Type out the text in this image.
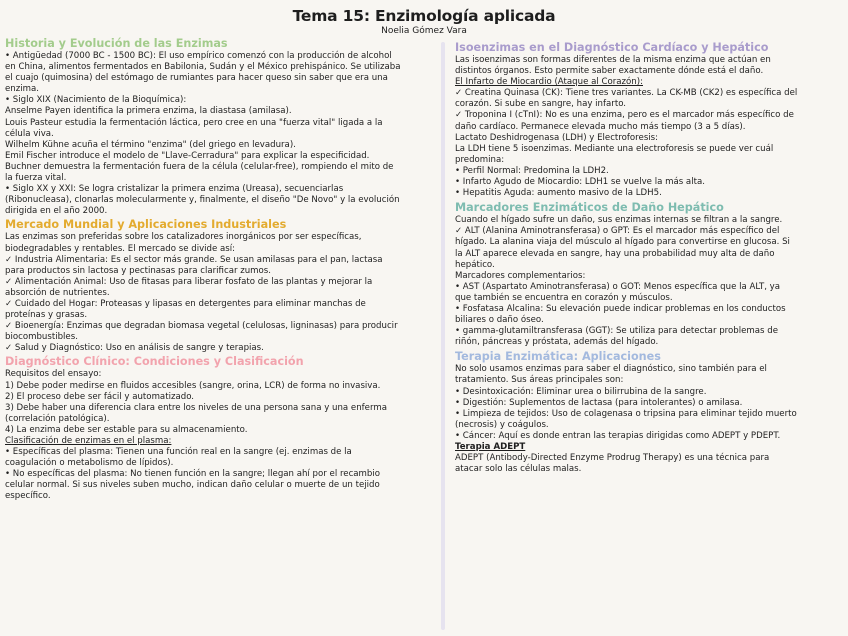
Tema 15: Enzimología aplicada
Noelia Gómez Vara
Historia y Evolución de las Enzimas

• Antigüedad (7000 BC - 1500 BC): El uso empírico comenzó con la producción de alcohol

en China, alimentos fermentados en Babilonia, Sudán y el México prehispánico. Se utilizaba

el cuajo (quimosina) del estómago de rumiantes para hacer queso sin saber que era una

enzima.

• Siglo XIX (Nacimiento de la Bioquímica):

Anselme Payen identifica la primera enzima, la diastasa (amilasa).

Louis Pasteur estudia la fermentación láctica, pero cree en una "fuerza vital" ligada a la

célula viva.

Wilhelm Kühne acuña el término "enzima" (del griego en levadura).

Emil Fischer introduce el modelo de "Llave-Cerradura" para explicar la especificidad.

Buchner demuestra la fermentación fuera de la célula (celular-free), rompiendo el mito de

la fuerza vital.

• Siglo XX y XXI: Se logra cristalizar la primera enzima (Ureasa), secuenciarlas

(Ribonucleasa), clonarlas molecularmente y, finalmente, el diseño "De Novo" y la evolución

dirigida en el año 2000.

Mercado Mundial y Aplicaciones Industriales

Las enzimas son preferidas sobre los catalizadores inorgánicos por ser específicas,

biodegradables y rentables. El mercado se divide así:

✓ Industria Alimentaria: Es el sector más grande. Se usan amilasas para el pan, lactasa

para productos sin lactosa y pectinasas para clarificar zumos.

✓ Alimentación Animal: Uso de fitasas para liberar fosfato de las plantas y mejorar la

absorción de nutrientes.

✓ Cuidado del Hogar: Proteasas y lipasas en detergentes para eliminar manchas de

proteínas y grasas.

✓ Bioenergía: Enzimas que degradan biomasa vegetal (celulosas, ligninasas) para producir

biocombustibles.

✓ Salud y Diagnóstico: Uso en análisis de sangre y terapias.

Diagnóstico Clínico: Condiciones y Clasificación

Requisitos del ensayo:

1) Debe poder medirse en fluidos accesibles (sangre, orina, LCR) de forma no invasiva.

2) El proceso debe ser fácil y automatizado.

3) Debe haber una diferencia clara entre los niveles de una persona sana y una enferma

(correlación patológica).

4) La enzima debe ser estable para su almacenamiento.

Clasificación de enzimas en el plasma:

• Específicas del plasma: Tienen una función real en la sangre (ej. enzimas de la

coagulación o metabolismo de lípidos).

• No específicas del plasma: No tienen función en la sangre; llegan ahí por el recambio

celular normal. Si sus niveles suben mucho, indican daño celular o muerte de un tejido

específico.

Isoenzimas en el Diagnóstico Cardíaco y Hepático

Las isoenzimas son formas diferentes de la misma enzima que actúan en

distintos órganos. Esto permite saber exactamente dónde está el daño.

El Infarto de Miocardio (Ataque al Corazón):

✓ Creatina Quinasa (CK): Tiene tres variantes. La CK-MB (CK2) es específica del

corazón. Si sube en sangre, hay infarto.

✓ Troponina I (cTnI): No es una enzima, pero es el marcador más específico de

daño cardíaco. Permanece elevada mucho más tiempo (3 a 5 días).

Lactato Deshidrogenasa (LDH) y Electroforesis:

La LDH tiene 5 isoenzimas. Mediante una electroforesis se puede ver cuál

predomina:

• Perfil Normal: Predomina la LDH2.

• Infarto Agudo de Miocardio: LDH1 se vuelve la más alta.

• Hepatitis Aguda: aumento masivo de la LDH5.

Marcadores Enzimáticos de Daño Hepático

Cuando el hígado sufre un daño, sus enzimas internas se filtran a la sangre.

✓ ALT (Alanina Aminotransferasa) o GPT: Es el marcador más específico del

hígado. La alanina viaja del músculo al hígado para convertirse en glucosa. Si

la ALT aparece elevada en sangre, hay una probabilidad muy alta de daño

hepático.

Marcadores complementarios:

• AST (Aspartato Aminotransferasa) o GOT: Menos específica que la ALT, ya

que también se encuentra en corazón y músculos.

• Fosfatasa Alcalina: Su elevación puede indicar problemas en los conductos

biliares o daño óseo.

• gamma-glutamiltransferasa (GGT): Se utiliza para detectar problemas de

riñón, páncreas y próstata, además del hígado.

Terapia Enzimática: Aplicaciones

No solo usamos enzimas para saber el diagnóstico, sino también para el

tratamiento. Sus áreas principales son:

• Desintoxicación: Eliminar urea o bilirrubina de la sangre.

• Digestión: Suplementos de lactasa (para intolerantes) o amilasa.

• Limpieza de tejidos: Uso de colagenasa o tripsina para eliminar tejido muerto

(necrosis) y coágulos.

• Cáncer: Aquí es donde entran las terapias dirigidas como ADEPT y PDEPT.

Terapia ADEPT

ADEPT (Antibody-Directed Enzyme Prodrug Therapy) es una técnica para

atacar solo las células malas.
